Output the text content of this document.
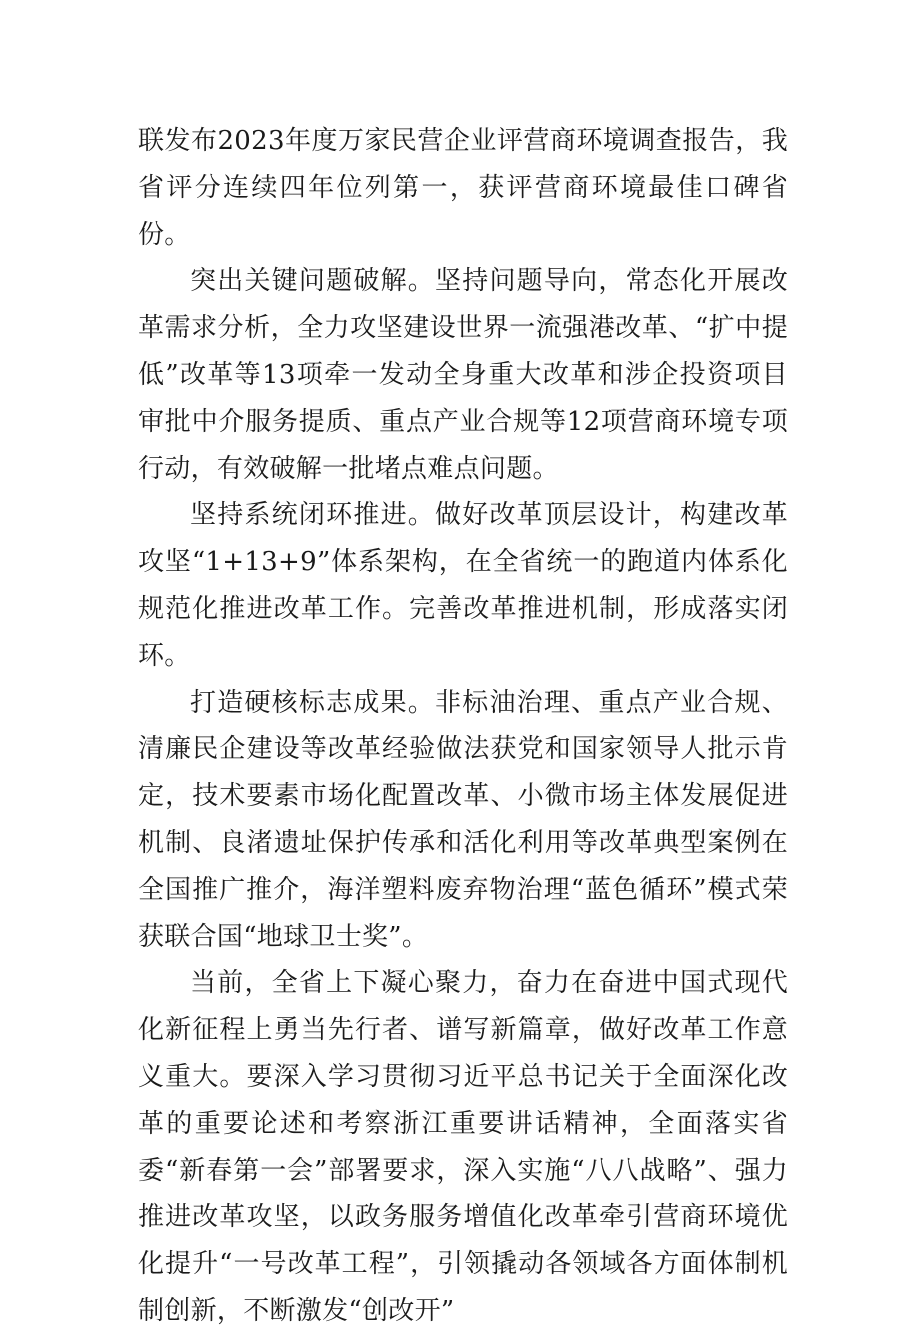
联发布2023年度万家民营企业评营商环境调查报告，我省评分连续四年位列第一，获评营商环境最佳口碑省份。

突出关键问题破解。坚持问题导向，常态化开展改革需求分析，全力攻坚建设世界一流强港改革、“扩中提低”改革等13项牵一发动全身重大改革和涉企投资项目审批中介服务提质、重点产业合规等12项营商环境专项行动，有效破解一批堵点难点问题。

坚持系统闭环推进。做好改革顶层设计，构建改革攻坚“1+13+9”体系架构，在全省统一的跑道内体系化规范化推进改革工作。完善改革推进机制，形成落实闭环。

打造硬核标志成果。非标油治理、重点产业合规、清廉民企建设等改革经验做法获党和国家领导人批示肯定，技术要素市场化配置改革、小微市场主体发展促进机制、良渚遗址保护传承和活化利用等改革典型案例在全国推广推介，海洋塑料废弃物治理“蓝色循环”模式荣获联合国“地球卫士奖”。

当前，全省上下凝心聚力，奋力在奋进中国式现代化新征程上勇当先行者、谱写新篇章，做好改革工作意义重大。要深入学习贯彻习近平总书记关于全面深化改革的重要论述和考察浙江重要讲话精神，全面落实省委“新春第一会”部署要求，深入实施“八八战略”、强力推进改革攻坚，以政务服务增值化改革牵引营商环境优化提升“一号改革工程”，引领撬动各领域各方面体制机制创新，不断激发“创改开”
